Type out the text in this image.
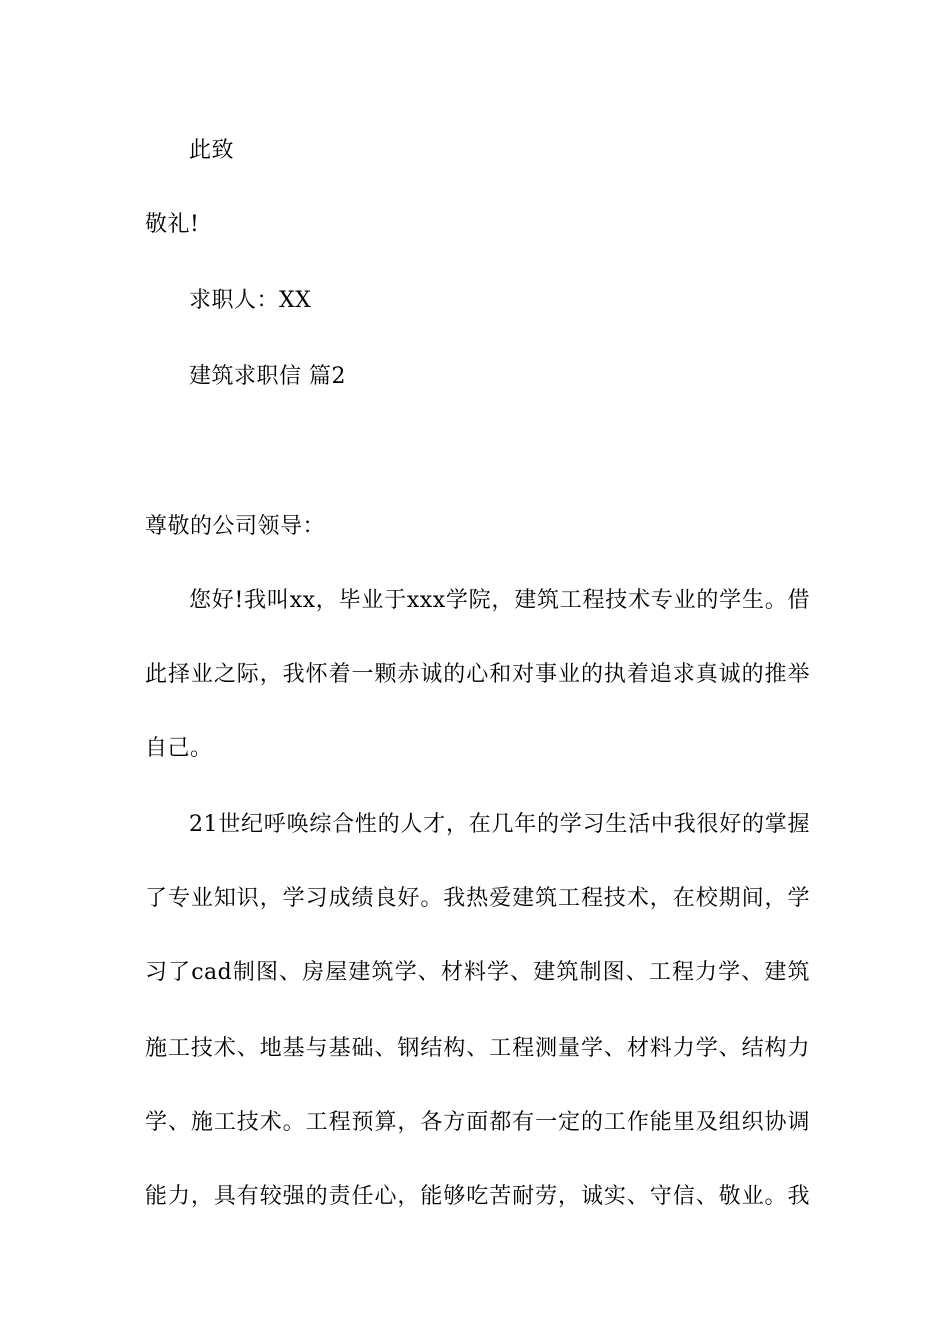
此致
敬礼!
求职人：XX
建筑求职信 篇2
尊敬的公司领导：
您好!我叫xx，毕业于xxx学院，建筑工程技术专业的学生。借
此择业之际，我怀着一颗赤诚的心和对事业的执着追求真诚的推举
自己。
21世纪呼唤综合性的人才，在几年的学习生活中我很好的掌握
了专业知识，学习成绩良好。我热爱建筑工程技术，在校期间，学
习了cad制图、房屋建筑学、材料学、建筑制图、工程力学、建筑
施工技术、地基与基础、钢结构、工程测量学、材料力学、结构力
学、施工技术。工程预算，各方面都有一定的工作能里及组织协调
能力，具有较强的责任心，能够吃苦耐劳，诚实、守信、敬业。我
